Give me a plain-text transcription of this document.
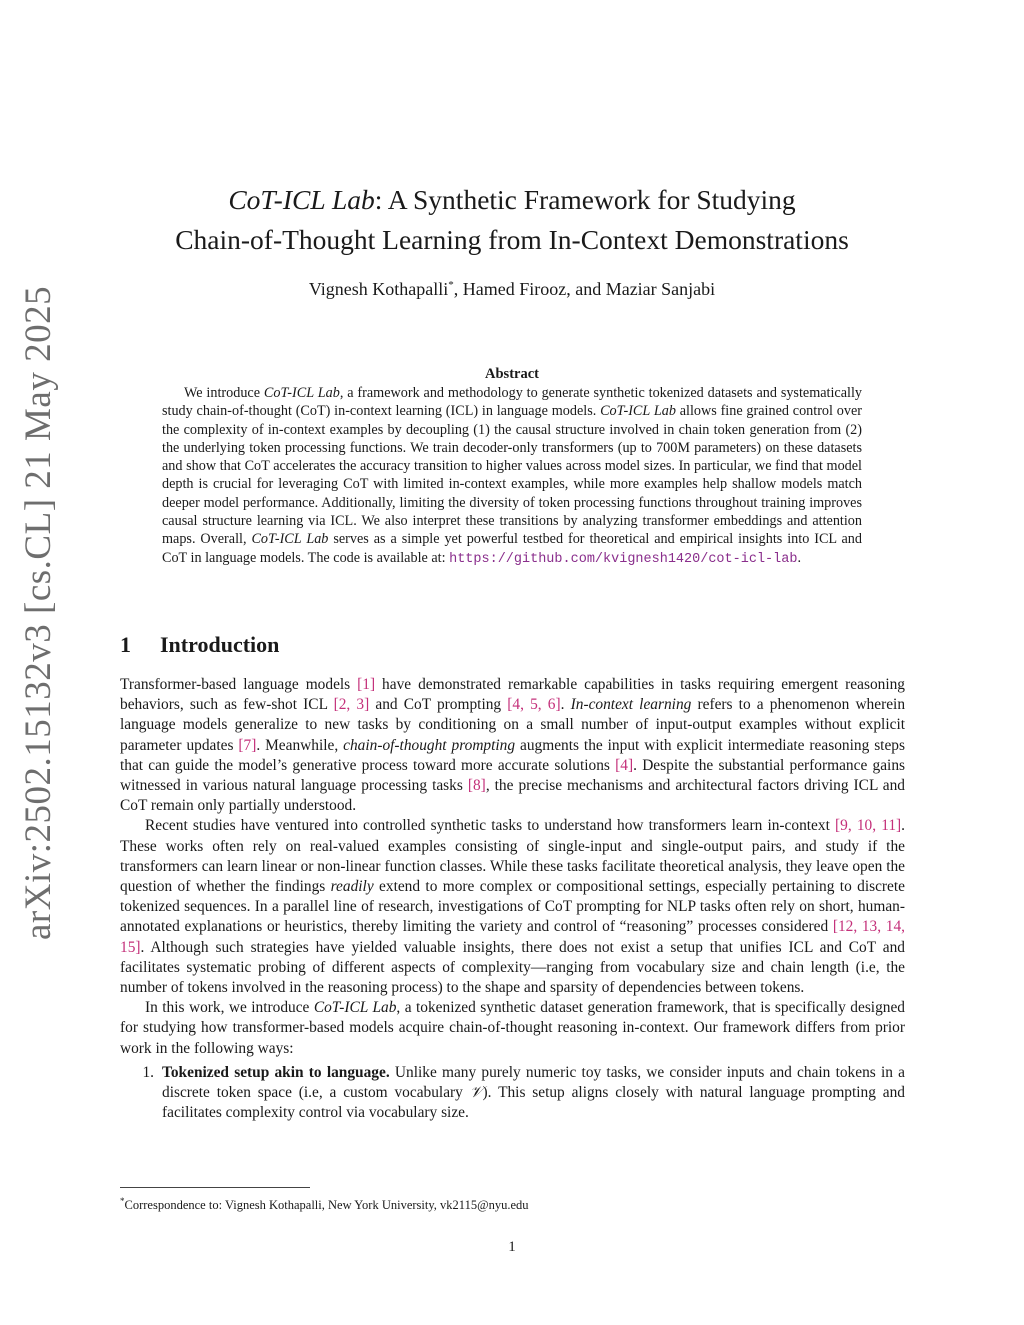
arXiv:2502.15132v3 [cs.CL] 21 May 2025
CoT-ICL Lab: A Synthetic Framework for Studying
Chain-of-Thought Learning from In-Context Demonstrations
Vignesh Kothapalli*, Hamed Firooz, and Maziar Sanjabi
Abstract

We introduce CoT-ICL Lab, a framework and methodology to generate synthetic tokenized datasets and systematically study chain-of-thought (CoT) in-context learning (ICL) in language models. CoT-ICL Lab allows fine grained control over the complexity of in-context examples by decoupling (1) the causal structure involved in chain token generation from (2) the underlying token processing functions. We train decoder-only transformers (up to 700M parameters) on these datasets and show that CoT accelerates the accuracy transition to higher values across model sizes. In particular, we find that model depth is crucial for leveraging CoT with limited in-context examples, while more examples help shallow models match deeper model performance. Additionally, limiting the diversity of token processing functions throughout training improves causal structure learning via ICL. We also interpret these transitions by analyzing transformer embeddings and attention maps. Overall, CoT-ICL Lab serves as a simple yet powerful testbed for theoretical and empirical insights into ICL and CoT in language models. The code is available at: https://github.com/kvignesh1420/cot-icl-lab.

1 Introduction

Transformer-based language models [1] have demonstrated remarkable capabilities in tasks requiring emergent reasoning behaviors, such as few-shot ICL [2, 3] and CoT prompting [4, 5, 6]. In-context learning refers to a phenomenon wherein language models generalize to new tasks by conditioning on a small number of input-output examples without explicit parameter updates [7]. Meanwhile, chain-of-thought prompting augments the input with explicit intermediate reasoning steps that can guide the model’s generative process toward more accurate solutions [4]. Despite the substantial performance gains witnessed in various natural language processing tasks [8], the precise mechanisms and architectural factors driving ICL and CoT remain only partially understood.

Recent studies have ventured into controlled synthetic tasks to understand how transformers learn in-context [9, 10, 11]. These works often rely on real-valued examples consisting of single-input and single-output pairs, and study if the transformers can learn linear or non-linear function classes. While these tasks facilitate theoretical analysis, they leave open the question of whether the findings readily extend to more complex or compositional settings, especially pertaining to discrete tokenized sequences. In a parallel line of research, investigations of CoT prompting for NLP tasks often rely on short, human-annotated explanations or heuristics, thereby limiting the variety and control of “reasoning” processes considered [12, 13, 14, 15]. Although such strategies have yielded valuable insights, there does not exist a setup that unifies ICL and CoT and facilitates systematic probing of different aspects of complexity—ranging from vocabulary size and chain length (i.e, the number of tokens involved in the reasoning process) to the shape and sparsity of dependencies between tokens.

In this work, we introduce CoT-ICL Lab, a tokenized synthetic dataset generation framework, that is specifically designed for studying how transformer-based models acquire chain-of-thought reasoning in-context. Our framework differs from prior work in the following ways:

1. Tokenized setup akin to language. Unlike many purely numeric toy tasks, we consider inputs and chain tokens in a discrete token space (i.e, a custom vocabulary 𝒱). This setup aligns closely with natural language prompting and facilitates complexity control via vocabulary size.
*Correspondence to: Vignesh Kothapalli, New York University, vk2115@nyu.edu
1
